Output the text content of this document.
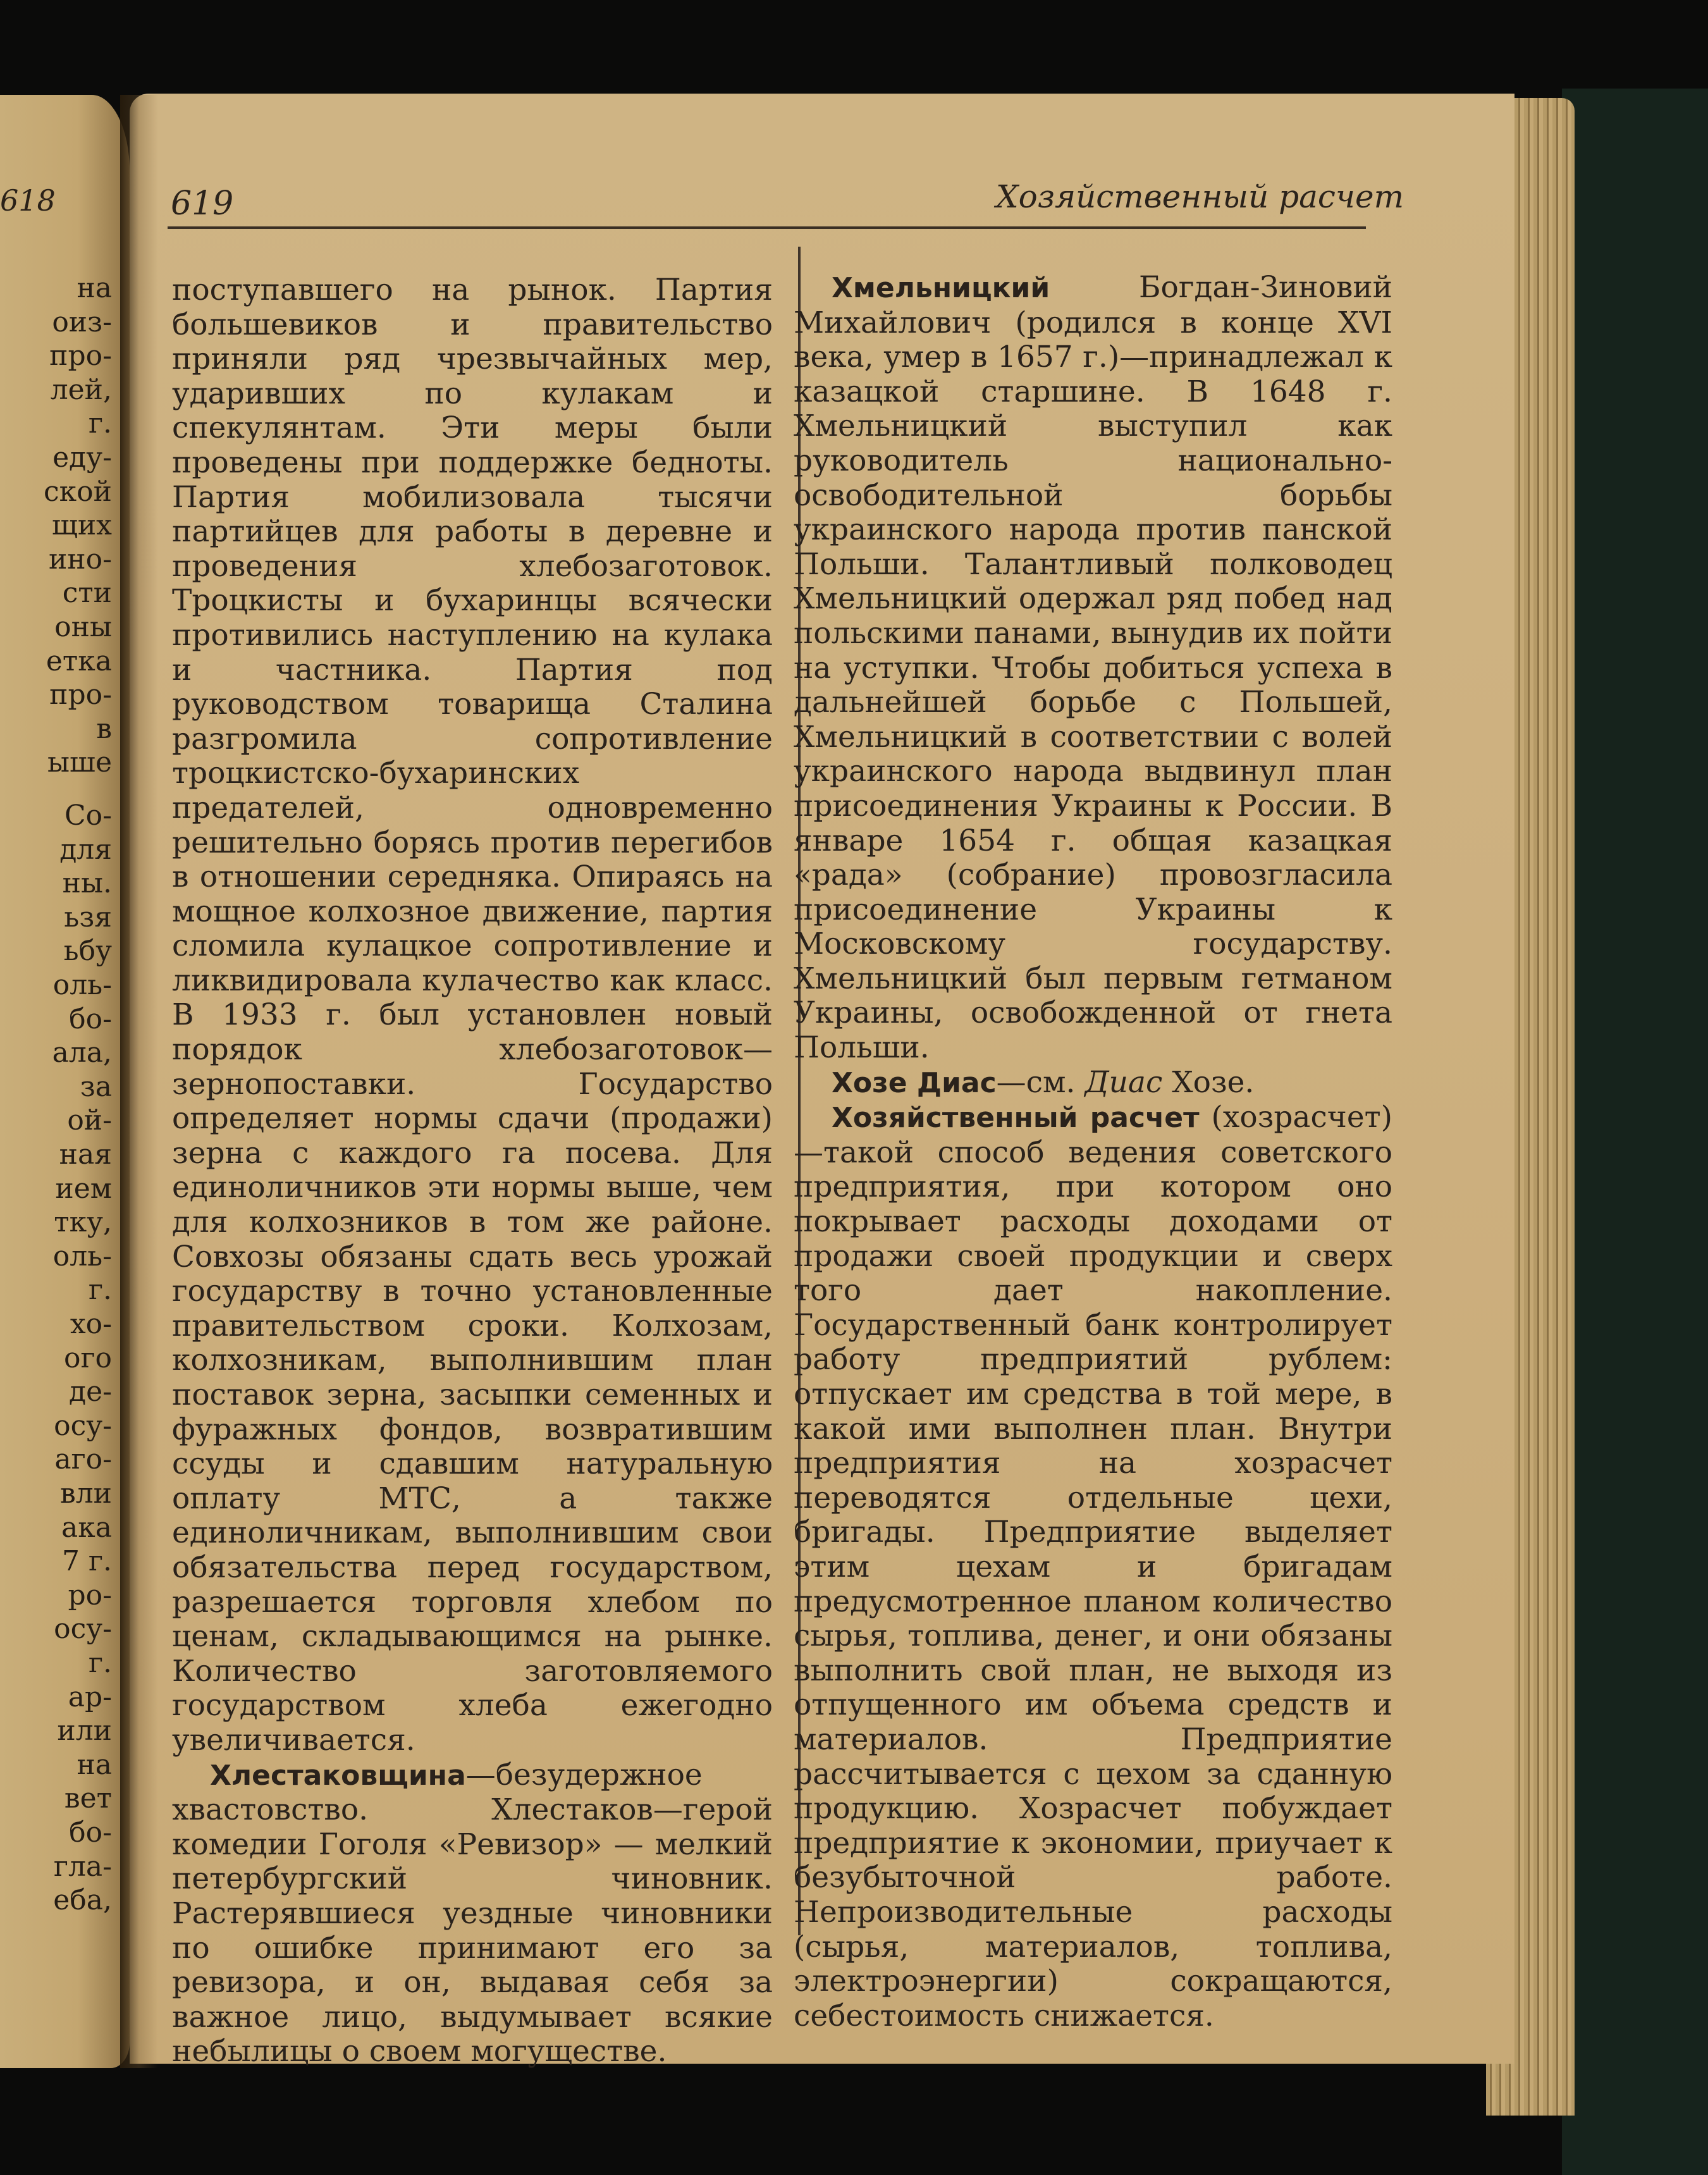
618
на
оиз-
про-
лей,
г.
еду-
ской
щих
ино-
сти
оны
етка
про-
в
ыше
Со-
для
ны.
ьзя
ьбу
оль-
бо-
ала,
за
ой-
ная
ием
тку,
оль-
г.
хо-
ого
де-
осу-
аго-
вли
ака
7 г.
ро-
осу-
г.
ар-
или
на
вет
бо-
гла-
еба,
619	Хозяйственный расчет

поступавшего на рынок. Партия большевиков и правительство приняли ряд чрезвычайных мер, ударивших по кулакам и спекулянтам. Эти меры были проведены при поддержке бедноты. Партия мобилизовала тысячи партийцев для работы в деревне и проведения хлебозаготовок. Троцкисты и бухаринцы всячески противились наступлению на кулака и частника. Партия под руководством товарища Сталина разгромила сопротивление троцкистско-бухаринских предателей, одновременно решительно борясь против перегибов в отношении середняка. Опираясь на мощное колхозное движение, партия сломила кулацкое сопротивление и ликвидировала кулачество как класс. В 1933 г. был установлен новый порядок хлебозаготовок—зернопоставки. Государство определяет нормы сдачи (продажи) зерна с каждого га посева. Для единоличников эти нормы выше, чем для колхозников в том же районе. Совхозы обязаны сдать весь урожай государству в точно установленные правительством сроки. Колхозам, колхозникам, выполнившим план поставок зерна, засыпки семенных и фуражных фондов, возвратившим ссуды и сдавшим натуральную оплату МТС, а также единоличникам, выполнившим свои обязательства перед государством, разрешается торговля хлебом по ценам, складывающимся на рынке. Количество заготовляемого государством хлеба ежегодно увеличивается.

Хлестаковщина—безудержное хвастовство. Хлестаков—герой комедии Гоголя «Ревизор» — мелкий петербургский чиновник. Растерявшиеся уездные чиновники по ошибке принимают его за ревизора, и он, выдавая себя за важное лицо, выдумывает всякие небылицы о своем могуществе.

Хмельницкий Богдан-Зиновий Михайлович (родился в конце XVI века, умер в 1657 г.)—принадлежал к казацкой старшине. В 1648 г. Хмельницкий выступил как руководитель национально-освободительной борьбы украинского народа против панской Польши. Талантливый полководец Хмельницкий одержал ряд побед над польскими панами, вынудив их пойти на уступки. Чтобы добиться успеха в дальнейшей борьбе с Польшей, Хмельницкий в соответствии с волей украинского народа выдвинул план присоединения Украины к России. В январе 1654 г. общая казацкая «рада» (собрание) провозгласила присоединение Украины к Московскому государству. Хмельницкий был первым гетманом Украины, освобожденной от гнета Польши.

Хозе Диас—см. Диас Хозе.

Хозяйственный расчет (хозрасчет)—такой способ ведения советского предприятия, при котором оно покрывает расходы доходами от продажи своей продукции и сверх того дает накопление. Государственный банк контролирует работу предприятий рублем: отпускает им средства в той мере, в какой ими выполнен план. Внутри предприятия на хозрасчет переводятся отдельные цехи, бригады. Предприятие выделяет этим цехам и бригадам предусмотренное планом количество сырья, топлива, денег, и они обязаны выполнить свой план, не выходя из отпущенного им объема средств и материалов. Предприятие рассчитывается с цехом за сданную продукцию. Хозрасчет побуждает предприятие к экономии, приучает к безубыточной работе. Непроизводительные расходы (сырья, материалов, топлива, электроэнергии) сокращаются, себестоимость снижается.
